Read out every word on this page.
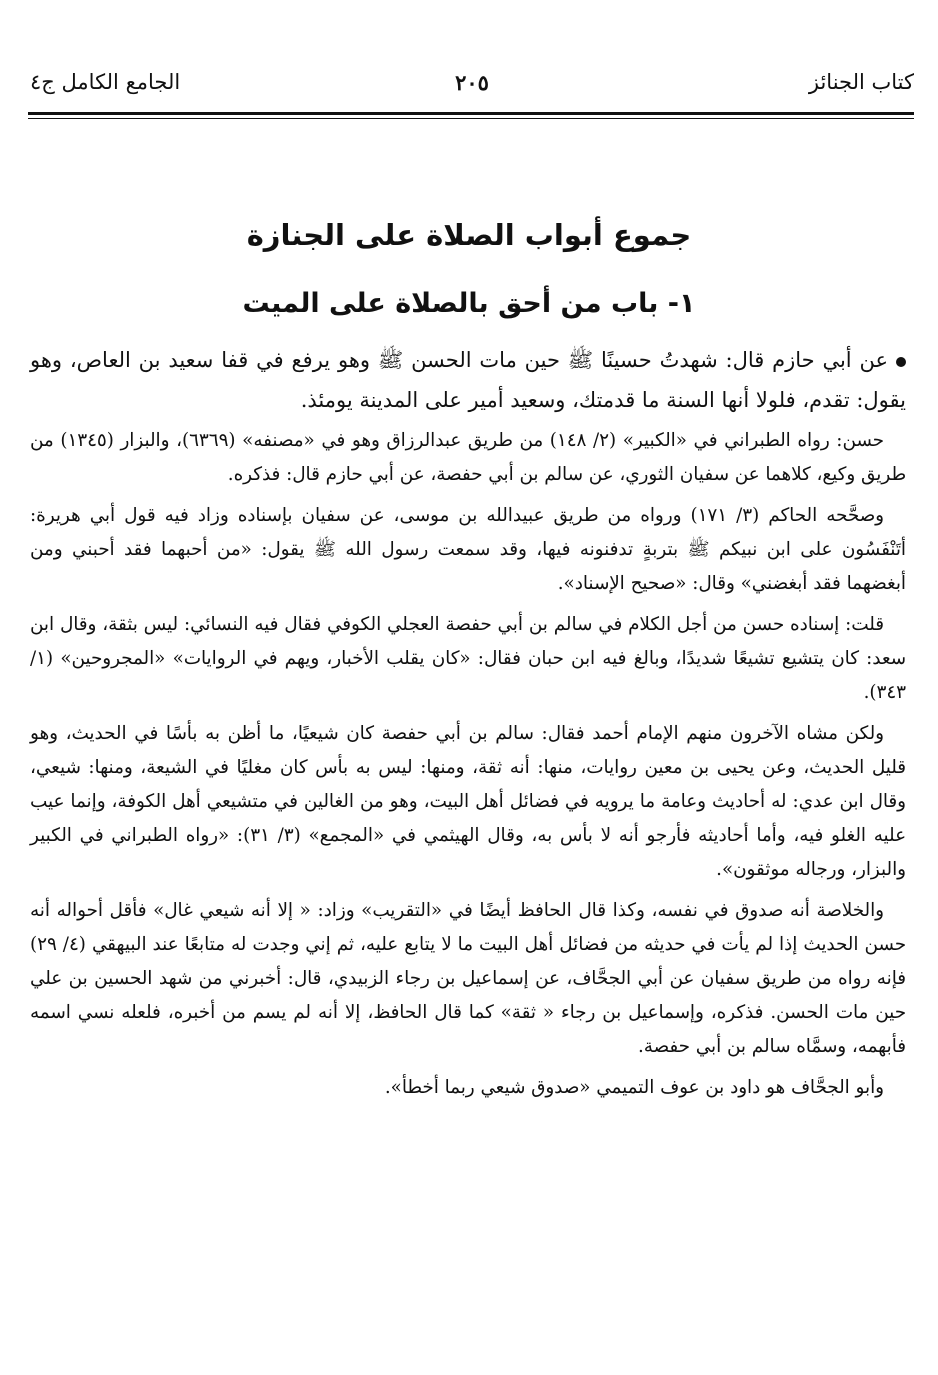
كتاب الجنائز
٢٠٥
الجامع الكامل ج٤
جموع أبواب الصلاة على الجنازة
١- باب من أحق بالصلاة على الميت

عن أبي حازم قال: شهدتُ حسينًا ﷺ حين مات الحسن ﷺ وهو يرفع في قفا سعيد بن العاص، وهو يقول: تقدم، فلولا أنها السنة ما قدمتك، وسعيد أمير على المدينة يومئذ.

حسن: رواه الطبراني في «الكبير» (٢/ ١٤٨) من طريق عبدالرزاق وهو في «مصنفه» (٦٣٦٩)، والبزار (١٣٤٥) من طريق وكيع، كلاهما عن سفيان الثوري، عن سالم بن أبي حفصة، عن أبي حازم قال: فذكره.

وصحَّحه الحاكم (٣/ ١٧١) ورواه من طريق عبيدالله بن موسى، عن سفيان بإسناده وزاد فيه قول أبي هريرة: أتَنْفَسُون على ابن نبيكم ﷺ بتربةٍ تدفنونه فيها، وقد سمعت رسول الله ﷺ يقول: «من أحبهما فقد أحبني ومن أبغضهما فقد أبغضني» وقال: «صحيح الإسناد».

قلت: إسناده حسن من أجل الكلام في سالم بن أبي حفصة العجلي الكوفي فقال فيه النسائي: ليس بثقة، وقال ابن سعد: كان يتشيع تشيعًا شديدًا، وبالغ فيه ابن حبان فقال: «كان يقلب الأخبار، ويهم في الروايات» «المجروحين» (١/ ٣٤٣).

ولكن مشاه الآخرون منهم الإمام أحمد فقال: سالم بن أبي حفصة كان شيعيًا، ما أظن به بأسًا في الحديث، وهو قليل الحديث، وعن يحيى بن معين روايات، منها: أنه ثقة، ومنها: ليس به بأس كان مغليًا في الشيعة، ومنها: شيعي، وقال ابن عدي: له أحاديث وعامة ما يرويه في فضائل أهل البيت، وهو من الغالين في متشيعي أهل الكوفة، وإنما عيب عليه الغلو فيه، وأما أحاديثه فأرجو أنه لا بأس به، وقال الهيثمي في «المجمع» (٣/ ٣١): «رواه الطبراني في الكبير والبزار، ورجاله موثقون».

والخلاصة أنه صدوق في نفسه، وكذا قال الحافظ أيضًا في «التقريب» وزاد: « إلا أنه شيعي غال» فأقل أحواله أنه حسن الحديث إذا لم يأت في حديثه من فضائل أهل البيت ما لا يتابع عليه، ثم إني وجدت له متابعًا عند البيهقي (٤/ ٢٩) فإنه رواه من طريق سفيان عن أبي الجحَّاف، عن إسماعيل بن رجاء الزبيدي، قال: أخبرني من شهد الحسين بن علي حين مات الحسن. فذكره، وإسماعيل بن رجاء « ثقة» كما قال الحافظ، إلا أنه لم يسم من أخبره، فلعله نسي اسمه فأبهمه، وسمَّاه سالم بن أبي حفصة.

وأبو الجحَّاف هو داود بن عوف التميمي «صدوق شيعي ربما أخطأ».
